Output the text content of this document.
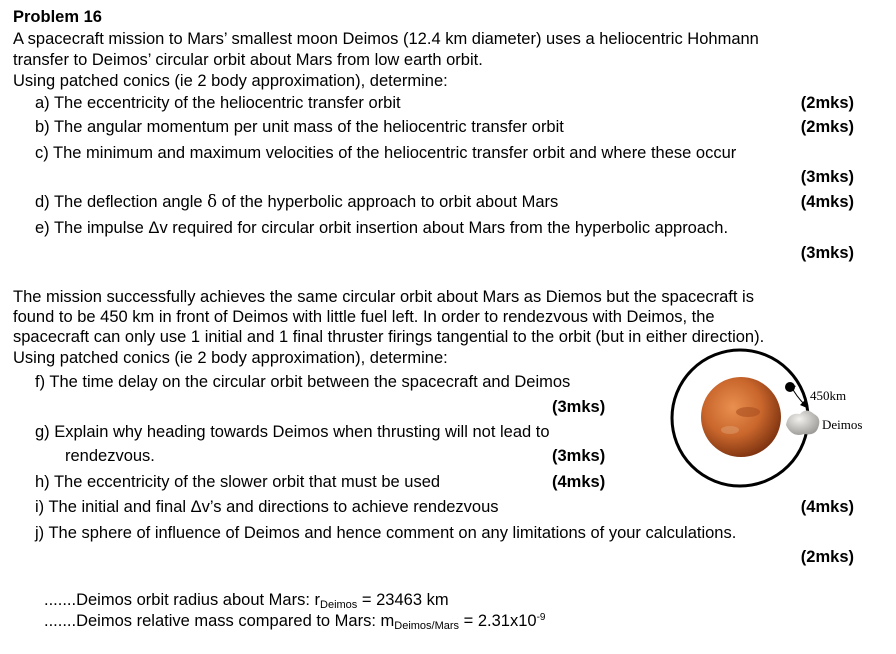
Problem 16
A spacecraft mission to Mars’ smallest moon Deimos (12.4 km diameter) uses a heliocentric Hohmann
transfer to Deimos’ circular orbit about Mars from low earth orbit.
Using patched conics (ie 2 body approximation), determine:
a) The eccentricity of the heliocentric transfer orbit	(2mks)
b) The angular momentum per unit mass of the heliocentric transfer orbit	(2mks)
c) The minimum and maximum velocities of the heliocentric transfer orbit and where these occur
(3mks)
d) The deflection angle δ of the hyperbolic approach to orbit about Mars	(4mks)
e) The impulse Δv required for circular orbit insertion about Mars from the hyperbolic approach.
(3mks)
The mission successfully achieves the same circular orbit about Mars as Diemos but the spacecraft is
found to be 450 km in front of Deimos with little fuel left. In order to rendezvous with Deimos, the
spacecraft can only use 1 initial and 1 final thruster firings tangential to the orbit (but in either direction).
Using patched conics (ie 2 body approximation), determine:
f) The time delay on the circular orbit between the spacecraft and Deimos
(3mks)
g) Explain why heading towards Deimos when thrusting will not lead to
rendezvous.	(3mks)
h) The eccentricity of the slower orbit that must be used	(4mks)
i) The initial and final Δv’s and directions to achieve rendezvous	(4mks)
j) The sphere of influence of Deimos and hence comment on any limitations of your calculations.
(2mks)
.......Deimos orbit radius about Mars: $r_{Deimos} = 23463$ km
.......Deimos relative mass compared to Mars: $m_{Deimos/Mars} = 2.31x10^{-9}$
450km
Deimos
